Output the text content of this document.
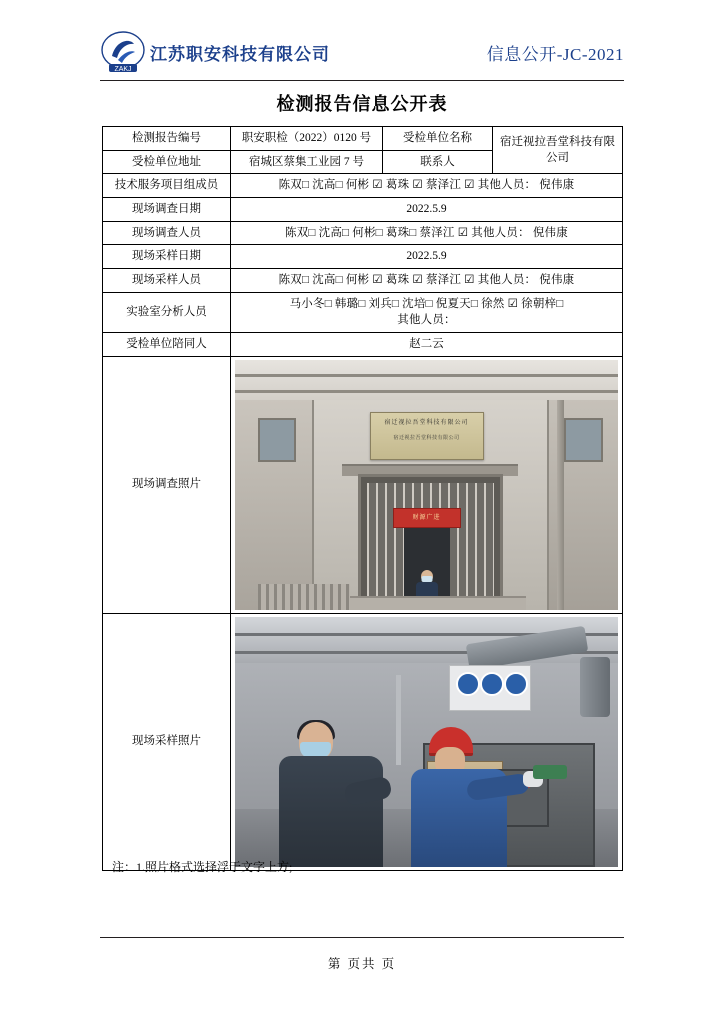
ZAKJ
江苏职安科技有限公司	信息公开-JC-2021
检测报告信息公开表
检测报告编号	职安职检（2022）0120 号	受检单位名称	宿迁视拉吾堂科技有限公司
受检单位地址	宿城区蔡集工业园 7 号	联系人	
技术服务项目组成员	陈双□ 沈高□ 何彬 ☑ 葛珠 ☑ 蔡泽江 ☑ 其他人员： 倪伟康		
现场调查日期	2022.5.9		
现场调查人员	陈双□ 沈高□ 何彬□ 葛珠□ 蔡泽江 ☑ 其他人员： 倪伟康		
现场采样日期	2022.5.9		
现场采样人员	陈双□ 沈高□ 何彬 ☑ 葛珠 ☑ 蔡泽江 ☑ 其他人员： 倪伟康		
实验室分析人员	马小冬□ 韩璐□ 刘兵□ 沈培□ 倪夏天□ 徐然 ☑ 徐朝梓□
其他人员：		

受检单位陪同人	赵二云		
现场调查照片	宿迁视拉吾堂科技有限公司
宿迁视拉吾堂科技有限公司
财源广进		

现场采样照片			
注：1.照片格式选择浮于文字上方;
第 页共 页
